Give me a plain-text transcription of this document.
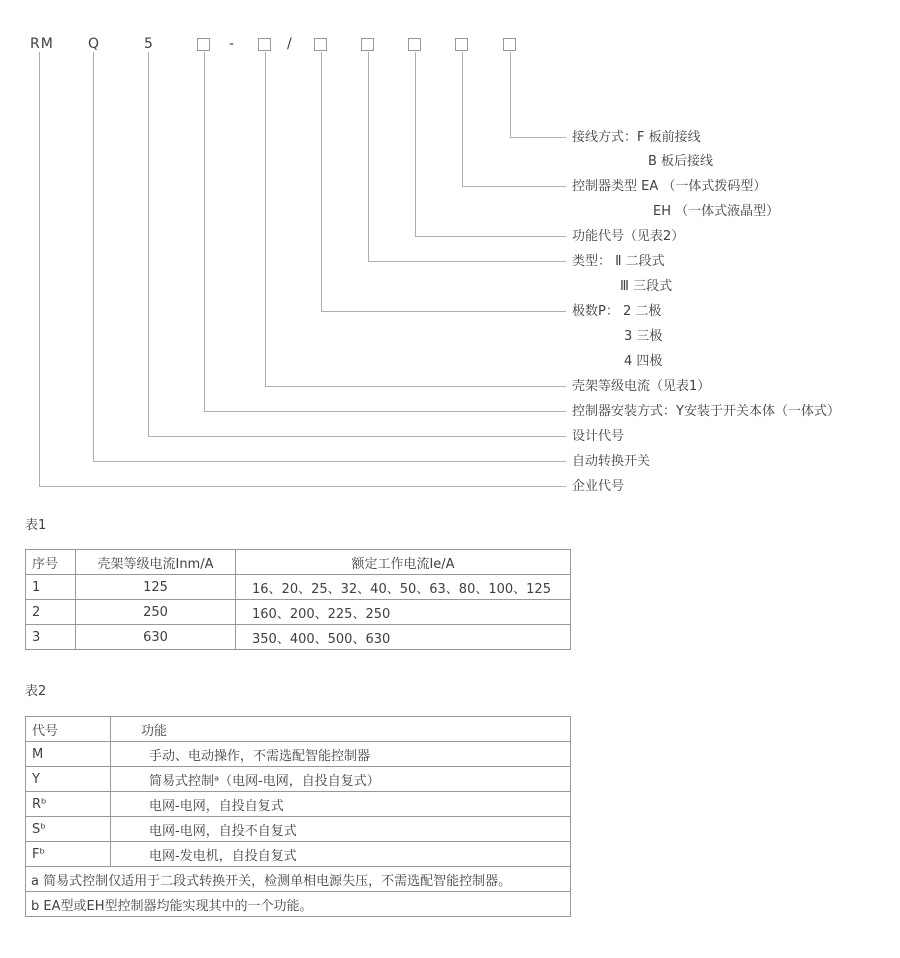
RM Q	5	-	/
接线方式：F 板前接线
B 板后接线
控制器类型 EA （一体式拨码型）
EH （一体式液晶型）
功能代号（见表2）
类型： Ⅱ 二段式
Ⅲ 三段式
极数P： 2 二极
3 三极
4 四极
壳架等级电流（见表1）
控制器安装方式：Y安装于开关本体（一体式）
设计代号
自动转换开关
企业代号
表1
序号	壳架等级电流Inm/A	额定工作电流Ie/A
1	125	16、20、25、32、40、50、63、80、100、125
2	250	160、200、225、250
3	630	350、400、500、630
表2
代号	功能
M	手动、电动操作，不需选配智能控制器
Y	简易式控制ᵃ（电网-电网，自投自复式）
Rᵇ	电网-电网，自投自复式
Sᵇ	电网-电网，自投不自复式
Fᵇ	电网-发电机，自投自复式
a 简易式控制仅适用于二段式转换开关，检测单相电源失压，不需选配智能控制器。	
b EA型或EH型控制器均能实现其中的一个功能。	
